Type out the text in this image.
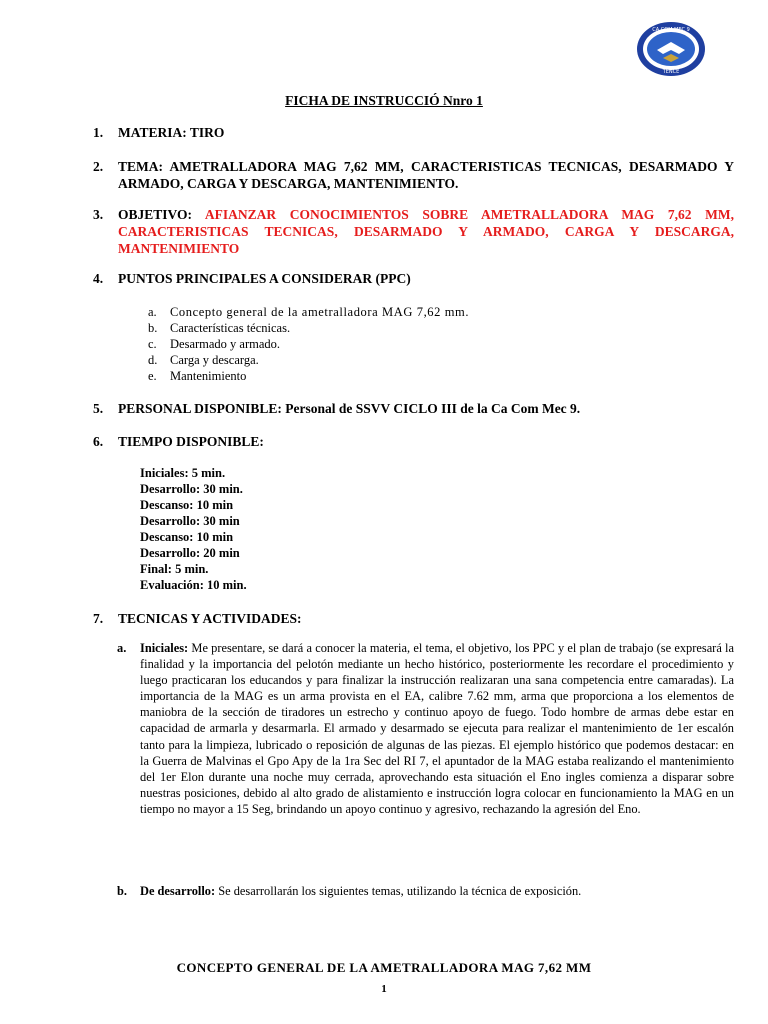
CA COM MEC 9
TENCE
FICHA DE INSTRUCCIÓ Nnro 1
1. MATERIA: TIRO
2. TEMA: AMETRALLADORA MAG 7,62 MM, CARACTERISTICAS TECNICAS, DESARMADO Y ARMADO, CARGA Y DESCARGA, MANTENIMIENTO.
3. OBJETIVO: AFIANZAR CONOCIMIENTOS SOBRE AMETRALLADORA MAG 7,62 MM, CARACTERISTICAS TECNICAS, DESARMADO Y ARMADO, CARGA Y DESCARGA, MANTENIMIENTO
4. PUNTOS PRINCIPALES A CONSIDERAR (PPC)
a. Concepto general de la ametralladora MAG 7,62 mm.
b. Características técnicas.
c. Desarmado y armado.
d. Carga y descarga.
e. Mantenimiento
5. PERSONAL DISPONIBLE: Personal de SSVV CICLO III de la Ca Com Mec 9.
6. TIEMPO DISPONIBLE:
Iniciales: 5 min.
Desarrollo: 30 min.
Descanso: 10 min
Desarrollo: 30 min
Descanso: 10 min
Desarrollo: 20 min
Final: 5 min.
Evaluación: 10 min.
7. TECNICAS Y ACTIVIDADES:
a. Iniciales: Me presentare, se dará a conocer la materia, el tema, el objetivo, los PPC y el plan de trabajo (se expresará la finalidad y la importancia del pelotón mediante un hecho histórico, posteriormente les recordare el procedimiento y luego practicaran los educandos y para finalizar la instrucción realizaran una sana competencia entre camaradas). La importancia de la MAG es un arma provista en el EA, calibre 7.62 mm, arma que proporciona a los elementos de maniobra de la sección de tiradores un estrecho y continuo apoyo de fuego. Todo hombre de armas debe estar en capacidad de armarla y desarmarla. El armado y desarmado se ejecuta para realizar el mantenimiento de 1er escalón tanto para la limpieza, lubricado o reposición de algunas de las piezas. El ejemplo histórico que podemos destacar: en la Guerra de Malvinas el Gpo Apy de la 1ra Sec del RI 7, el apuntador de la MAG estaba realizando el mantenimiento del 1er Elon durante una noche muy cerrada, aprovechando esta situación el Eno ingles comienza a disparar sobre nuestras posiciones, debido al alto grado de alistamiento e instrucción logra colocar en funcionamiento la MAG en un tiempo no mayor a 15 Seg, brindando un apoyo continuo y agresivo, rechazando la agresión del Eno.
b. De desarrollo: Se desarrollarán los siguientes temas, utilizando la técnica de exposición.
CONCEPTO GENERAL DE LA AMETRALLADORA MAG 7,62 MM
1
